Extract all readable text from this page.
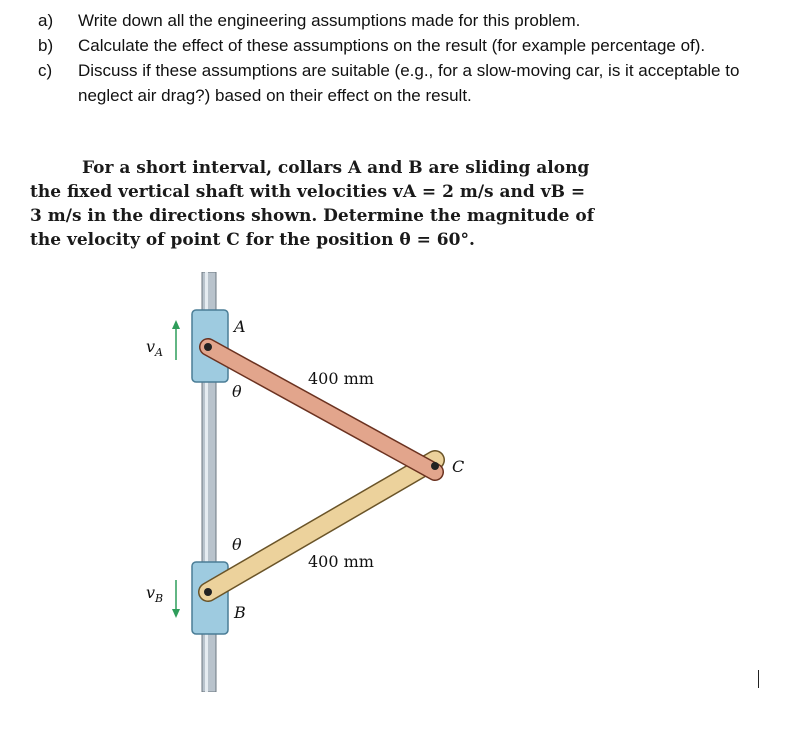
a)	Write down all the engineering assumptions made for this problem.

b)	Calculate the effect of these assumptions on the result (for example percentage of).

c)	Discuss if these assumptions are suitable (e.g., for a slow-moving car, is it acceptable to neglect air drag?) based on their effect on the result.

For a short interval, collars A and B are sliding along
the fixed vertical shaft with velocities vA = 2 m/s and vB =
3 m/s in the directions shown. Determine the magnitude of
the velocity of point C for the position θ = 60°.
A
B
C
θ
θ
400 mm
400 mm
$v_A$
$v_B$
